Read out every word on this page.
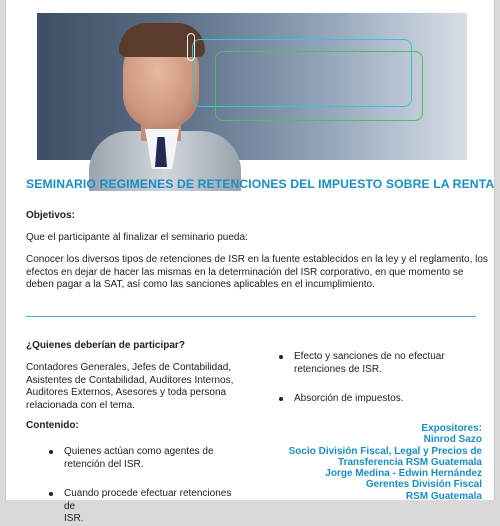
SEMINARIO REGIMENES DE RETENCIONES DEL IMPUESTO SOBRE LA RENTA
Objetivos:
Que el participante al finalizar el seminario pueda:
Conocer los diversos tipos de retenciones de ISR en la fuente establecidos en la ley y el reglamento, los
efectos en dejar de hacer las mismas en la determinación del ISR corporativo, en que momento se
deben pagar a la SAT, así como las sanciones aplicables en el incumplimiento.
¿Quienes deberían de participar?
Contadores Generales, Jefes de Contabilidad,
Asistentes de Contabilidad, Auditores Internos,
Auditores Externos, Asesores y toda persona
relacionada con el tema.
Contenido:
Quienes actúan como agentes de
retención del ISR.
Cuando procede efectuar retenciones de
ISR.
Efecto y sanciones de no efectuar
retenciones de ISR.
Absorción de impuestos.
Expositores:
Ninrod Sazo
Socio División Fiscal, Legal y Precios de
Transferencia RSM Guatemala
Jorge Medina - Edwin Hernández
Gerentes División Fiscal
RSM Guatemala
